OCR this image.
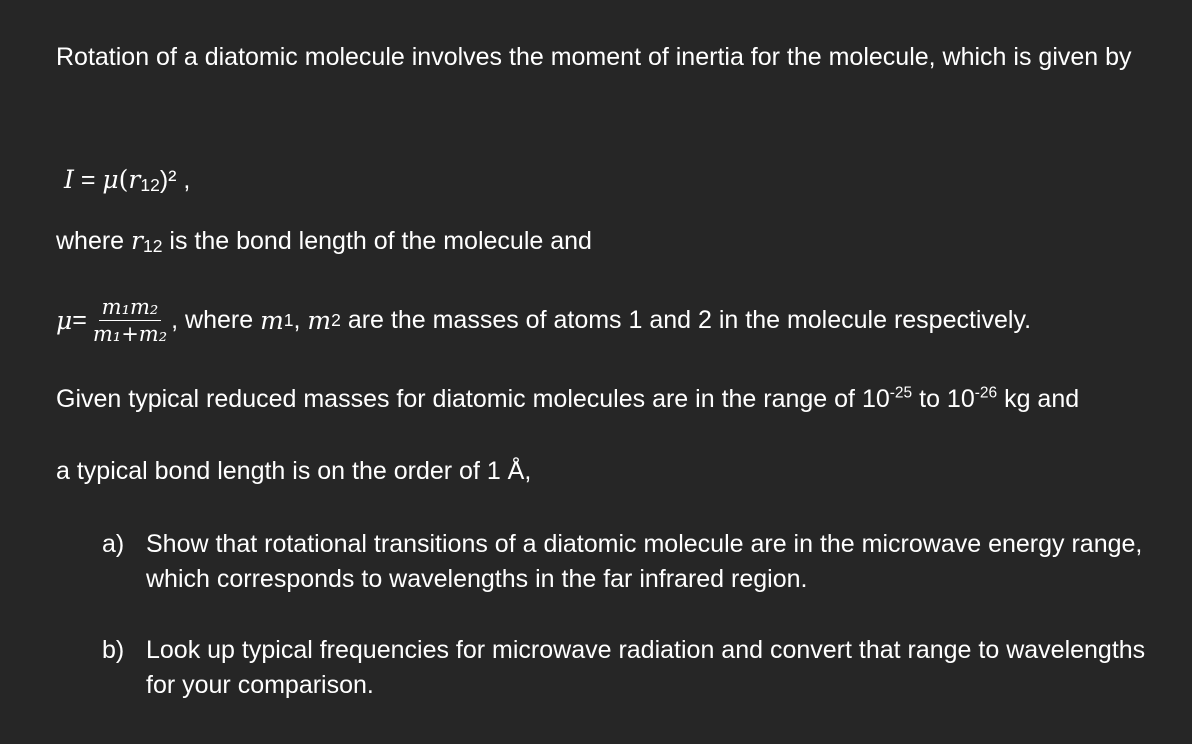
Rotation of a diatomic molecule involves the moment of inertia for the molecule, which is given by

I = μ(r12)² ,
where r12 is the bond length of the molecule and
$\mu = \frac{\text{m₁m₂}}{\text{m₁+m₂}}$ , where m 1 , m 2 are the masses of atoms 1 and 2 in the molecule respectively.
Given typical reduced masses for diatomic molecules are in the range of $10^{-25}$ to $10^{-26}$ kg and
a typical bond length is on the order of 1 Å,
a) Show that rotational transitions of a diatomic molecule are in the microwave energy range, which corresponds to wavelengths in the far infrared region.
b) Look up typical frequencies for microwave radiation and convert that range to wavelengths for your comparison.
